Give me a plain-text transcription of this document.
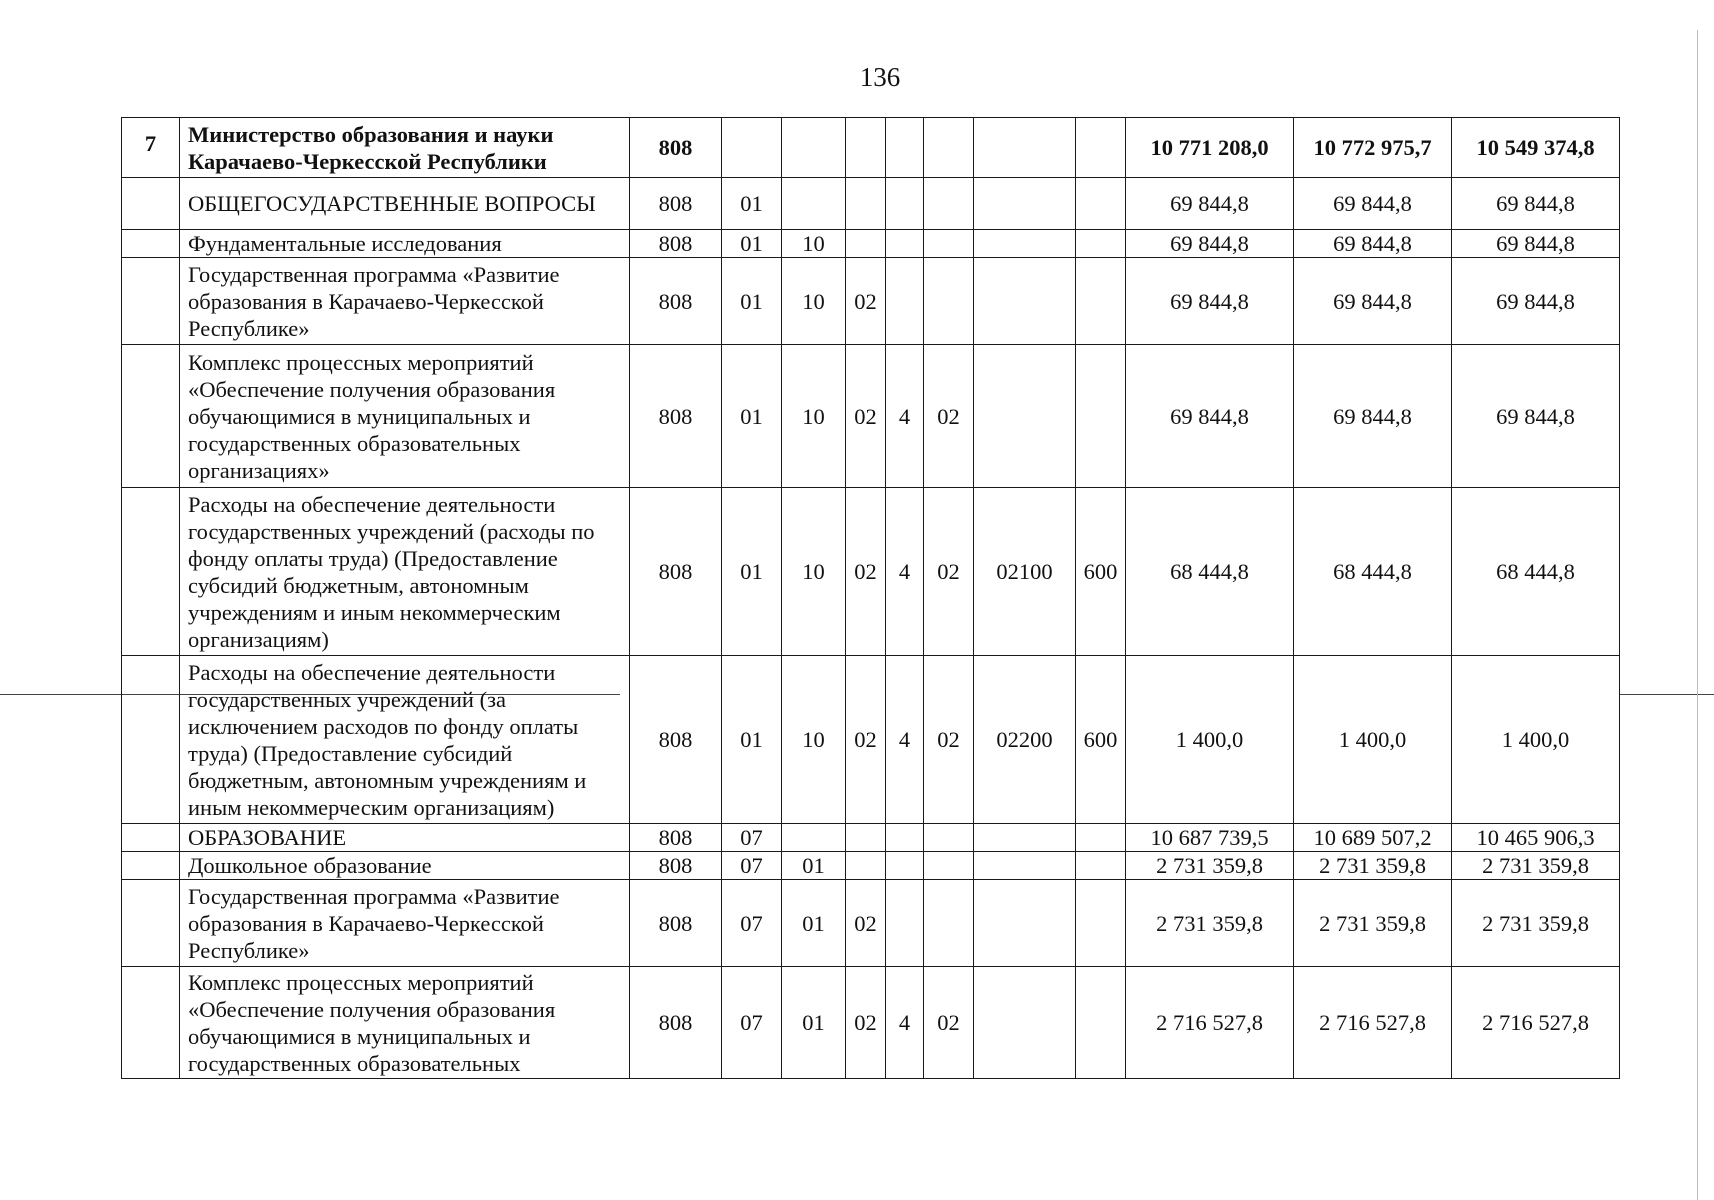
136
7	Министерство образования и науки Карачаево-Черкесской Республики	808								10 771 208,0	10 772 975,7	10 549 374,8
	ОБЩЕГОСУДАРСТВЕННЫЕ ВОПРОСЫ	808	01							69 844,8	69 844,8	69 844,8
	Фундаментальные исследования	808	01	10						69 844,8	69 844,8	69 844,8
	Государственная программа «Развитие образования в Карачаево-Черкесской Республике»	808	01	10	02					69 844,8	69 844,8	69 844,8
	Комплекс процессных мероприятий «Обеспечение получения образования обучающимися в муниципальных и государственных образовательных организациях»	808	01	10	02	4	02			69 844,8	69 844,8	69 844,8
	Расходы на обеспечение деятельности государственных учреждений (расходы по фонду оплаты труда) (Предоставление субсидий бюджетным, автономным учреждениям и иным некоммерческим организациям)	808	01	10	02	4	02	02100	600	68 444,8	68 444,8	68 444,8
	Расходы на обеспечение деятельности государственных учреждений (за исключением расходов по фонду оплаты труда) (Предоставление субсидий бюджетным, автономным учреждениям и иным некоммерческим организациям)	808	01	10	02	4	02	02200	600	1 400,0	1 400,0	1 400,0
	ОБРАЗОВАНИЕ	808	07							10 687 739,5	10 689 507,2	10 465 906,3
	Дошкольное образование	808	07	01						2 731 359,8	2 731 359,8	2 731 359,8
	Государственная программа «Развитие образования в Карачаево-Черкесской Республике»	808	07	01	02					2 731 359,8	2 731 359,8	2 731 359,8
	Комплекс процессных мероприятий «Обеспечение получения образования обучающимися в муниципальных и государственных образовательных	808	07	01	02	4	02			2 716 527,8	2 716 527,8	2 716 527,8
